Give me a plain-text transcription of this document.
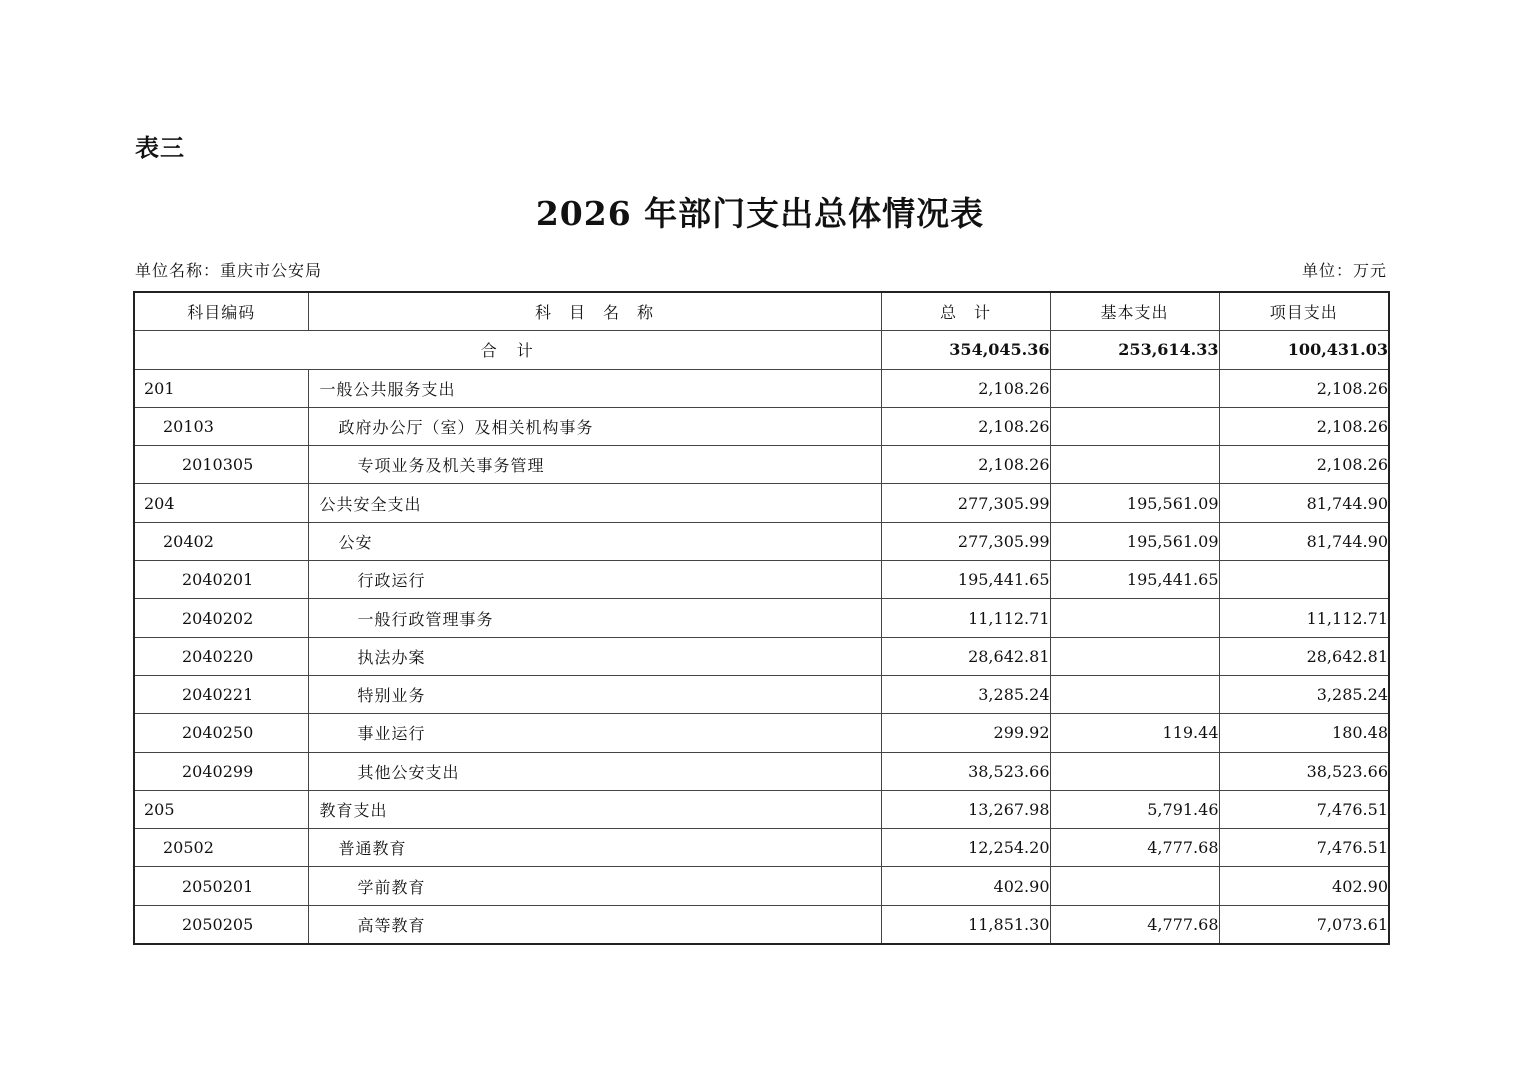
表三
2026 年部门支出总体情况表
单位名称：重庆市公安局	单位：万元
科目编码	科　目　名　称	总　计	基本支出	项目支出
合　计		354,045.36	253,614.33	100,431.03
201	一般公共服务支出	2,108.26		2,108.26
20103	政府办公厅（室）及相关机构事务	2,108.26		2,108.26
2010305	专项业务及机关事务管理	2,108.26		2,108.26
204	公共安全支出	277,305.99	195,561.09	81,744.90
20402	公安	277,305.99	195,561.09	81,744.90
2040201	行政运行	195,441.65	195,441.65	
2040202	一般行政管理事务	11,112.71		11,112.71
2040220	执法办案	28,642.81		28,642.81
2040221	特别业务	3,285.24		3,285.24
2040250	事业运行	299.92	119.44	180.48
2040299	其他公安支出	38,523.66		38,523.66
205	教育支出	13,267.98	5,791.46	7,476.51
20502	普通教育	12,254.20	4,777.68	7,476.51
2050201	学前教育	402.90		402.90
2050205	高等教育	11,851.30	4,777.68	7,073.61
